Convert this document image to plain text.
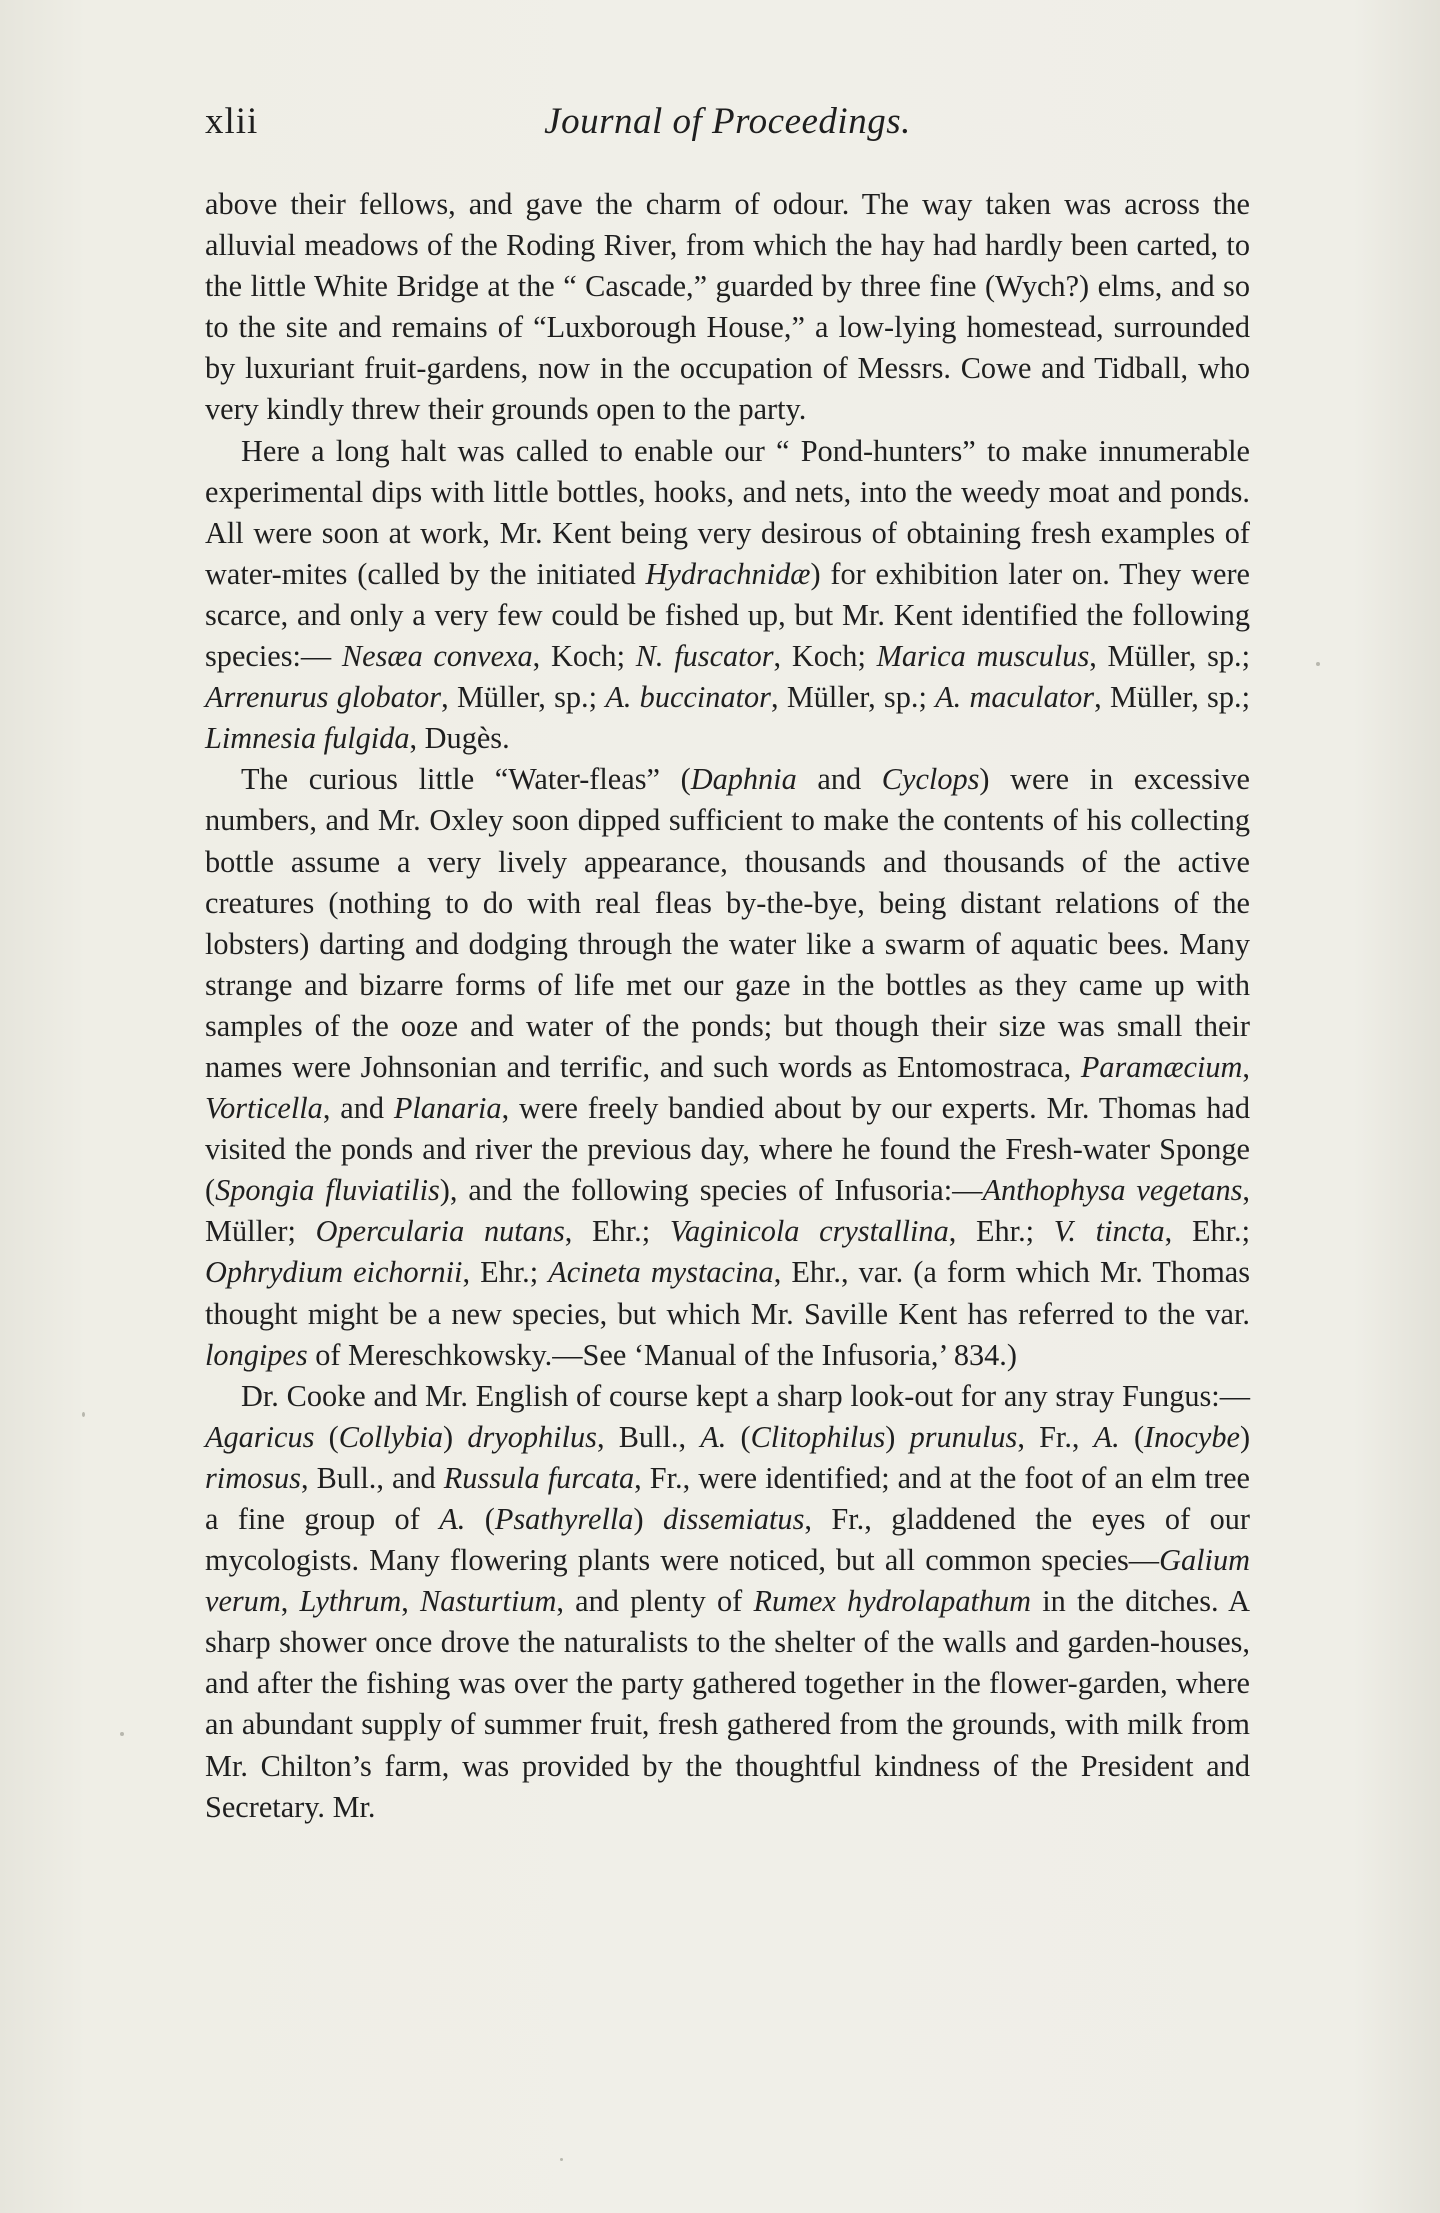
xlii	Journal of Proceedings.

above their fellows, and gave the charm of odour. The way taken was across the alluvial meadows of the Roding River, from which the hay had hardly been carted, to the little White Bridge at the “ Cascade,” guarded by three fine (Wych?) elms, and so to the site and remains of “Luxborough House,” a low-lying homestead, surrounded by luxuriant fruit-gardens, now in the occupation of Messrs. Cowe and Tidball, who very kindly threw their grounds open to the party.

Here a long halt was called to enable our “ Pond-hunters” to make innumerable experimental dips with little bottles, hooks, and nets, into the weedy moat and ponds. All were soon at work, Mr. Kent being very desirous of obtaining fresh examples of water-mites (called by the initiated Hydrachnidæ) for exhibition later on. They were scarce, and only a very few could be fished up, but Mr. Kent identified the following species:— Nesæa convexa, Koch; N. fuscator, Koch; Marica musculus, Müller, sp.; Arrenurus globator, Müller, sp.; A. buccinator, Müller, sp.; A. maculator, Müller, sp.; Limnesia fulgida, Dugès.

The curious little “Water-fleas” (Daphnia and Cyclops) were in excessive numbers, and Mr. Oxley soon dipped sufficient to make the contents of his collecting bottle assume a very lively appearance, thousands and thousands of the active creatures (nothing to do with real fleas by-the-bye, being distant relations of the lobsters) darting and dodging through the water like a swarm of aquatic bees. Many strange and bizarre forms of life met our gaze in the bottles as they came up with samples of the ooze and water of the ponds; but though their size was small their names were Johnsonian and terrific, and such words as Entomostraca, Paramæcium, Vorticella, and Planaria, were freely bandied about by our experts. Mr. Thomas had visited the ponds and river the previous day, where he found the Fresh-water Sponge (Spongia fluviatilis), and the following species of Infusoria:—Anthophysa vegetans, Müller; Opercularia nutans, Ehr.; Vaginicola crystallina, Ehr.; V. tincta, Ehr.; Ophrydium eichornii, Ehr.; Acineta mystacina, Ehr., var. (a form which Mr. Thomas thought might be a new species, but which Mr. Saville Kent has referred to the var. longipes of Mereschkowsky.—See ‘Manual of the Infusoria,’ 834.)

Dr. Cooke and Mr. English of course kept a sharp look-out for any stray Fungus:—Agaricus (Collybia) dryophilus, Bull., A. (Clitophilus) prunulus, Fr., A. (Inocybe) rimosus, Bull., and Russula furcata, Fr., were identified; and at the foot of an elm tree a fine group of A. (Psathyrella) dissemiatus, Fr., gladdened the eyes of our mycologists. Many flowering plants were noticed, but all common species—Galium verum, Lythrum, Nasturtium, and plenty of Rumex hydrolapathum in the ditches. A sharp shower once drove the naturalists to the shelter of the walls and garden-houses, and after the fishing was over the party gathered together in the flower-garden, where an abundant supply of summer fruit, fresh gathered from the grounds, with milk from Mr. Chilton’s farm, was provided by the thoughtful kindness of the President and Secretary. Mr.
